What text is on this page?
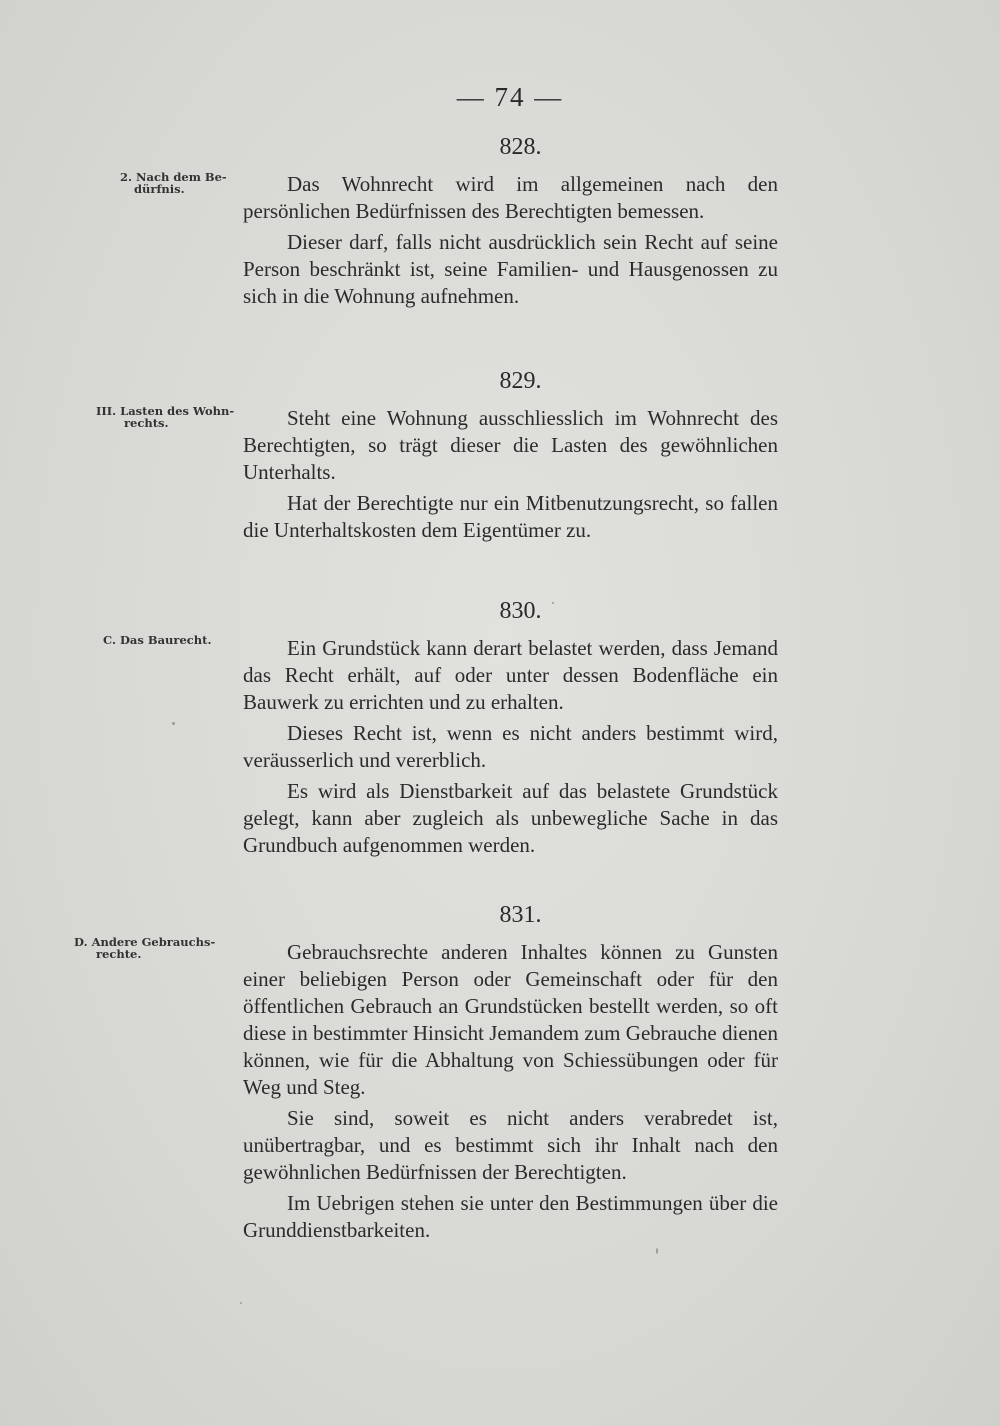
— 74 —
2. Nach dem Be-
dürfnis.
828.

Das Wohnrecht wird im allgemeinen nach den persönlichen Bedürfnissen des Berechtigten bemessen.

Dieser darf, falls nicht ausdrücklich sein Recht auf seine Person beschränkt ist, seine Familien- und Hausgenossen zu sich in die Wohnung aufnehmen.

III. Lasten des Wohn-
rechts.
829.

Steht eine Wohnung ausschliesslich im Wohnrecht des Berechtigten, so trägt dieser die Lasten des gewöhnlichen Unterhalts.

Hat der Berechtigte nur ein Mitbenutzungsrecht, so fallen die Unterhaltskosten dem Eigentümer zu.

C. Das Baurecht.
830.

Ein Grundstück kann derart belastet werden, dass Jemand das Recht erhält, auf oder unter dessen Bodenfläche ein Bauwerk zu errichten und zu erhalten.

Dieses Recht ist, wenn es nicht anders bestimmt wird, veräusserlich und vererblich.

Es wird als Dienstbarkeit auf das belastete Grundstück gelegt, kann aber zugleich als unbewegliche Sache in das Grundbuch aufgenommen werden.

D. Andere Gebrauchs-
rechte.
831.

Gebrauchsrechte anderen Inhaltes können zu Gunsten einer beliebigen Person oder Gemeinschaft oder für den öffentlichen Gebrauch an Grundstücken bestellt werden, so oft diese in bestimmter Hinsicht Jemandem zum Gebrauche dienen können, wie für die Abhaltung von Schiessübungen oder für Weg und Steg.

Sie sind, soweit es nicht anders verabredet ist, unübertragbar, und es bestimmt sich ihr Inhalt nach den gewöhnlichen Bedürfnissen der Berechtigten.

Im Uebrigen stehen sie unter den Bestimmungen über die Grunddienstbarkeiten.
